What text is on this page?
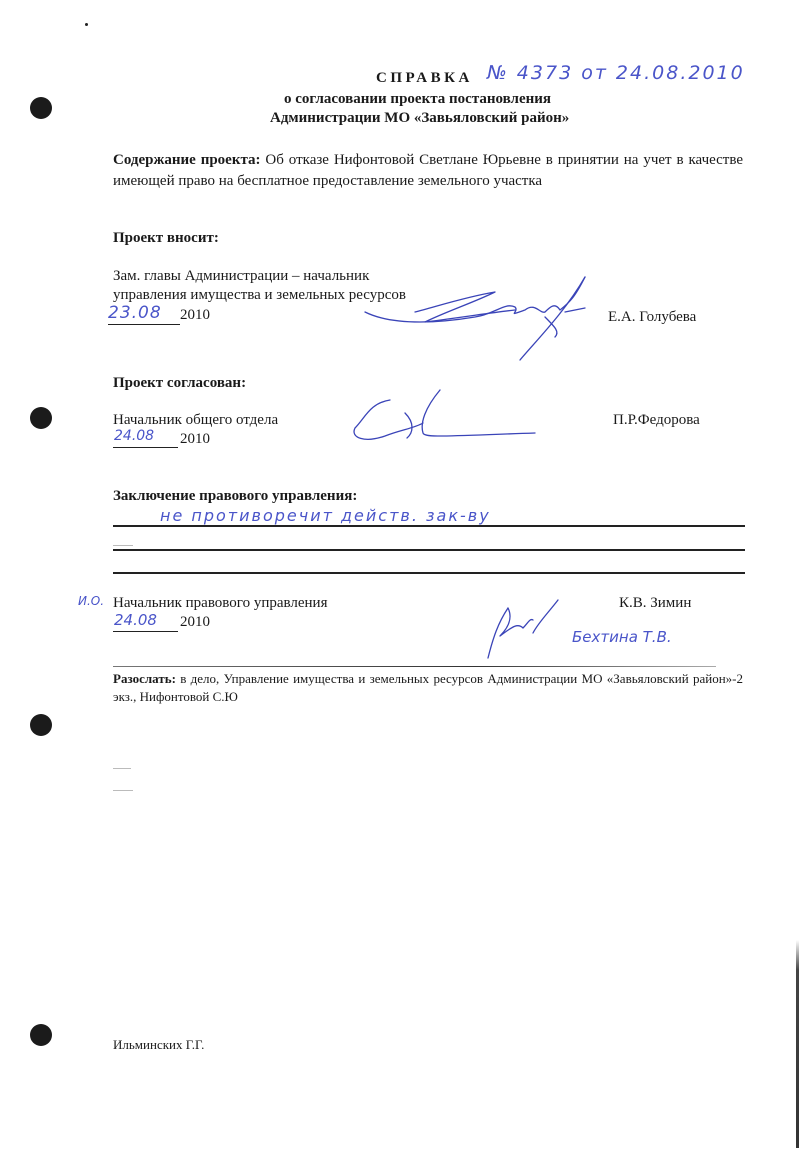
СПРАВКА № 4373 от 24.08.2010
о согласовании проекта постановления
Администрации МО «Завьяловский район»
Содержание проекта: Об отказе Нифонтовой Светлане Юрьевне в принятии на учет в качестве имеющей право на бесплатное предоставление земельного участка
Проект вносит:
Зам. главы Администрации – начальник
управления имущества и земельных ресурсов
23.08 2010	Е.А. Голубева
Проект согласован:
Начальник общего отдела
24.08 2010
П.Р.Федорова
Заключение правового управления:
не противоречит действ. зак-ву
И.О. Начальник правового управления
24.08 2010
К.В. Зимин
Бехтина Т.В.
Разослать: в дело, Управление имущества и земельных ресурсов Администрации МО «Завьяловский район»-2 экз., Нифонтовой С.Ю
Ильминских Г.Г.
